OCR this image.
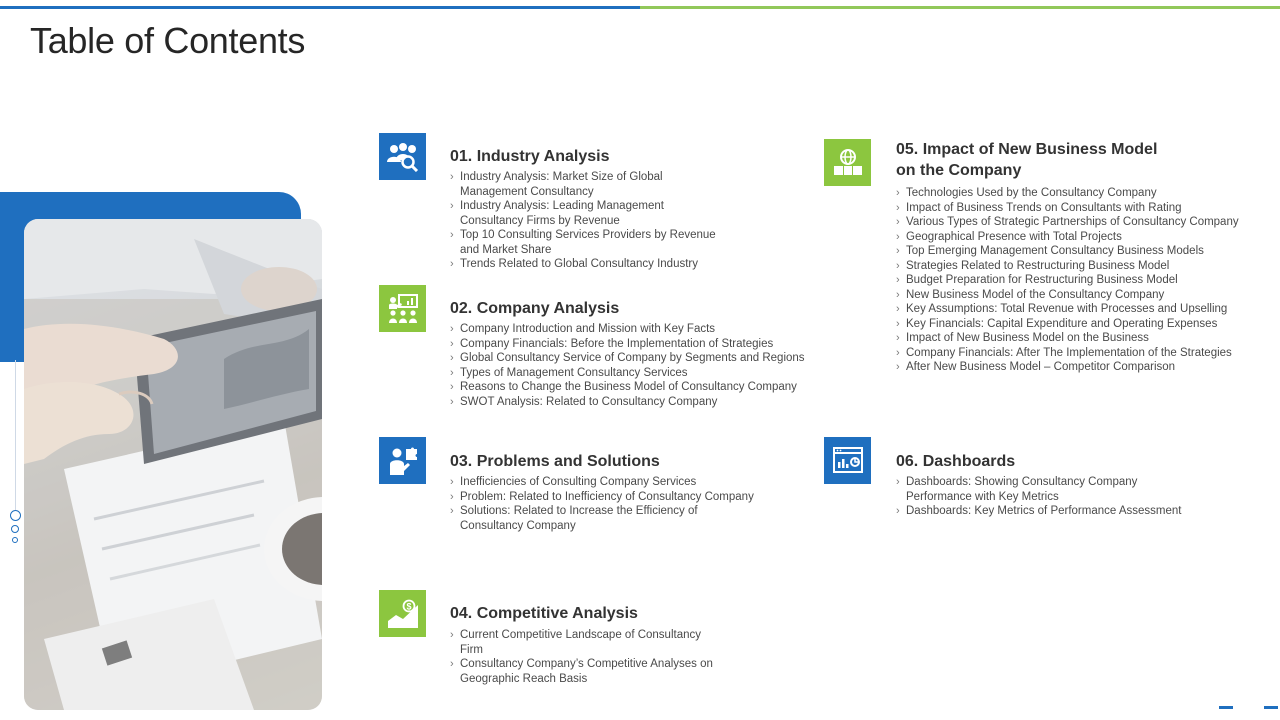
Table of Contents
01. Industry Analysis
› Industry Analysis: Market Size of Global Management Consultancy
› Industry Analysis: Leading Management Consultancy Firms by Revenue
› Top 10 Consulting Services Providers by Revenue and Market Share
› Trends Related to Global Consultancy Industry
02. Company Analysis
› Company Introduction and Mission with Key Facts
› Company Financials: Before the Implementation of Strategies
› Global Consultancy Service of Company by Segments and Regions
› Types of Management Consultancy Services
› Reasons to Change the Business Model of Consultancy Company
› SWOT Analysis: Related to Consultancy Company
03. Problems and Solutions
› Inefficiencies of Consulting Company Services
› Problem: Related to Inefficiency of Consultancy Company
› Solutions: Related to Increase the Efficiency of Consultancy Company
$ 04. Competitive Analysis
› Current Competitive Landscape of Consultancy Firm
› Consultancy Company’s Competitive Analyses on Geographic Reach Basis
05. Impact of New Business Model on the Company
› Technologies Used by the Consultancy Company
› Impact of Business Trends on Consultants with Rating
› Various Types of Strategic Partnerships of Consultancy Company
› Geographical Presence with Total Projects
› Top Emerging Management Consultancy Business Models
› Strategies Related to Restructuring Business Model
› Budget Preparation for Restructuring Business Model
› New Business Model of the Consultancy Company
› Key Assumptions: Total Revenue with Processes and Upselling
› Key Financials: Capital Expenditure and Operating Expenses
› Impact of New Business Model on the Business
› Company Financials: After The Implementation of the Strategies
› After New Business Model – Competitor Comparison
06. Dashboards
› Dashboards: Showing Consultancy Company Performance with Key Metrics
› Dashboards: Key Metrics of Performance Assessment
